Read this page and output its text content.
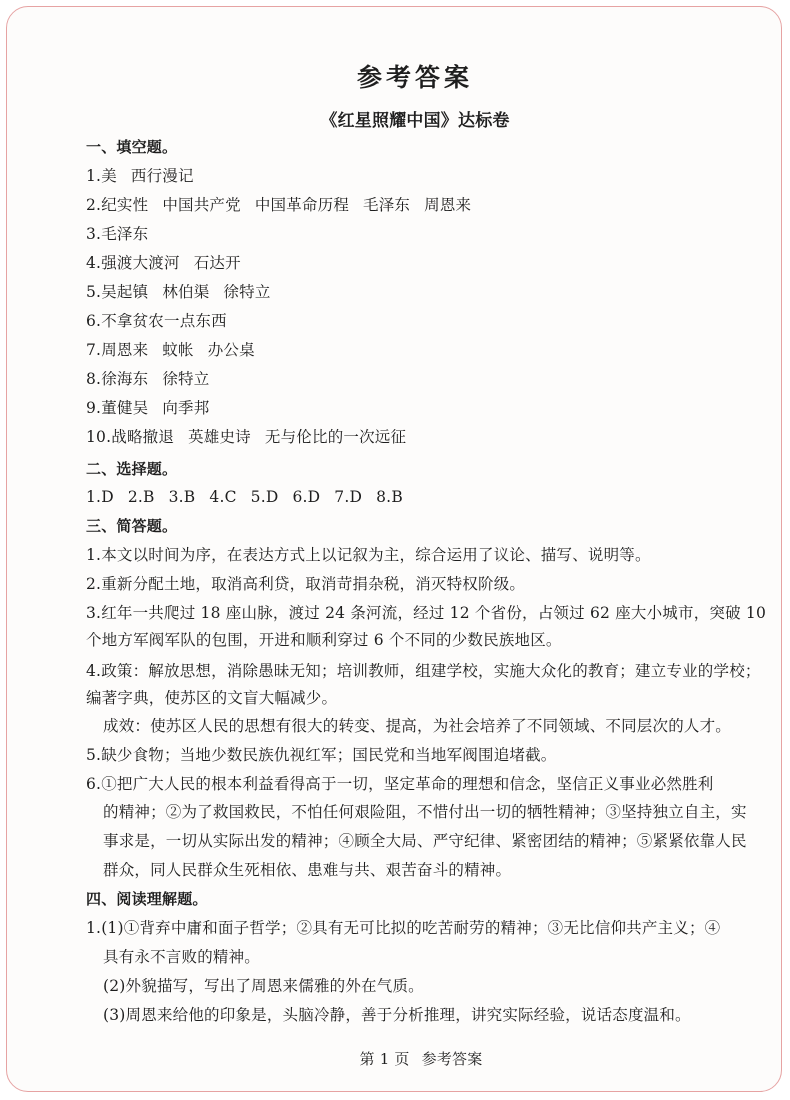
参考答案
《红星照耀中国》达标卷
一、填空题。
1.美 西行漫记
2.纪实性 中国共产党 中国革命历程 毛泽东 周恩来
3.毛泽东
4.强渡大渡河 石达开
5.吴起镇 林伯渠 徐特立
6.不拿贫农一点东西
7.周恩来 蚊帐 办公桌
8.徐海东 徐特立
9.董健吴 向季邦
10.战略撤退 英雄史诗 无与伦比的一次远征
二、选择题。
1.D 2.B 3.B 4.C 5.D 6.D 7.D 8.B
三、简答题。
1.本文以时间为序，在表达方式上以记叙为主，综合运用了议论、描写、说明等。
2.重新分配土地，取消高利贷，取消苛捐杂税，消灭特权阶级。
3.红年一共爬过 18 座山脉，渡过 24 条河流，经过 12 个省份，占领过 62 座大小城市，突破 10
个地方军阀军队的包围，开进和顺利穿过 6 个不同的少数民族地区。
4.政策：解放思想，消除愚昧无知；培训教师，组建学校，实施大众化的教育；建立专业的学校；
编著字典，使苏区的文盲大幅减少。
成效：使苏区人民的思想有很大的转变、提高，为社会培养了不同领域、不同层次的人才。
5.缺少食物；当地少数民族仇视红军；国民党和当地军阀围追堵截。
6.①把广大人民的根本利益看得高于一切，坚定革命的理想和信念，坚信正义事业必然胜利
的精神；②为了救国救民，不怕任何艰险阻，不惜付出一切的牺牲精神；③坚持独立自主，实
事求是，一切从实际出发的精神；④顾全大局、严守纪律、紧密团结的精神；⑤紧紧依靠人民
群众，同人民群众生死相依、患难与共、艰苦奋斗的精神。
四、阅读理解题。
1.(1)①背弃中庸和面子哲学；②具有无可比拟的吃苦耐劳的精神；③无比信仰共产主义；④
具有永不言败的精神。
(2)外貌描写，写出了周恩来儒雅的外在气质。
(3)周恩来给他的印象是，头脑冷静，善于分析推理，讲究实际经验，说话态度温和。
第 1 页 参考答案
